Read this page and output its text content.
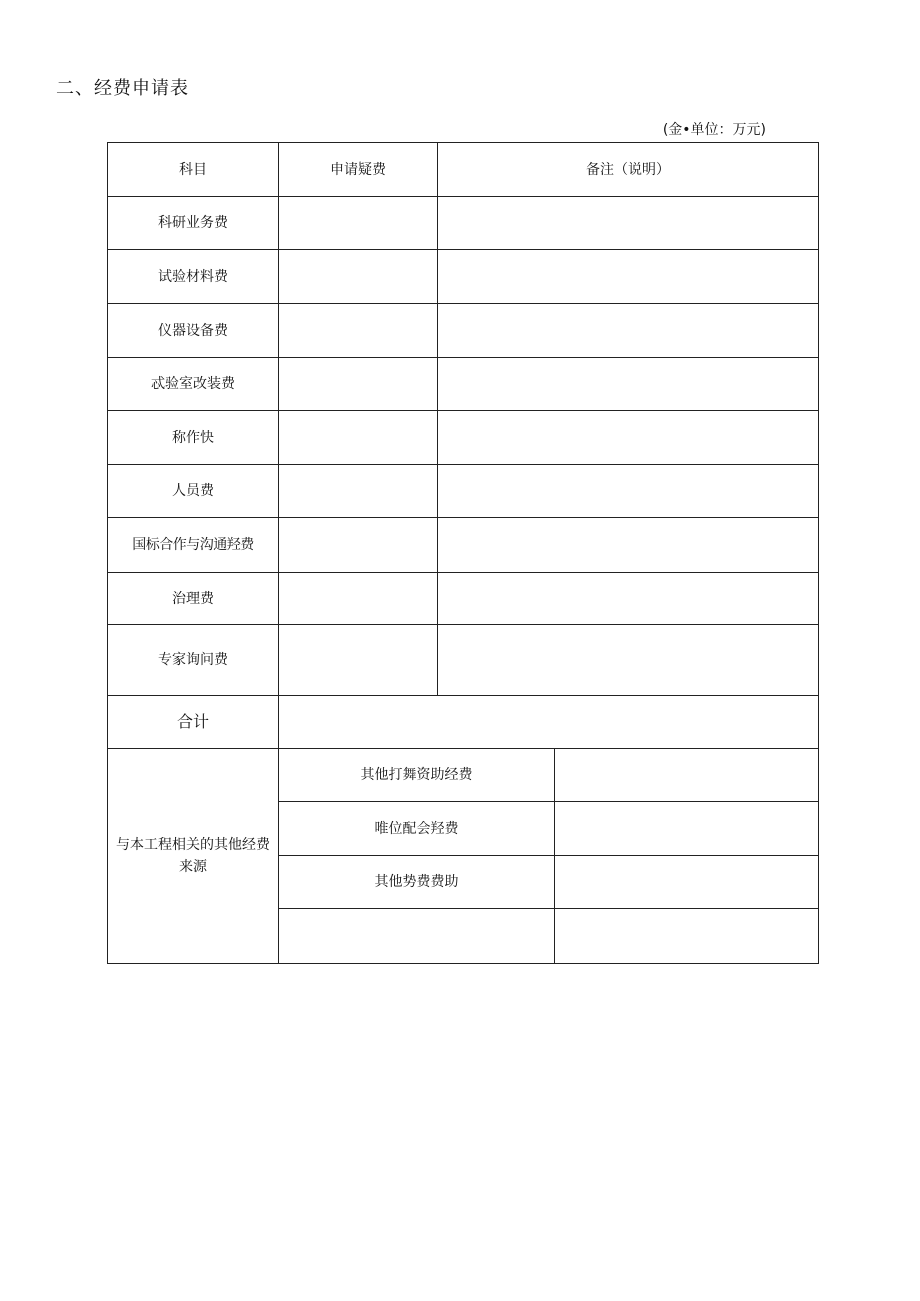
二、经费申请表
(金•单位：万元)
科目	申请疑费	备注（说明）	
科研业务费			
试验材料费			
仪器设备费			
忒验室改装费			
称作快			
人员费			
国标合作与沟通羟费			
治理费			
专家询问费			
合计			
与本工程相关的其他经费来源	其他打舞资助经费		
	唯位配会羟费		
	其他势费费助		
